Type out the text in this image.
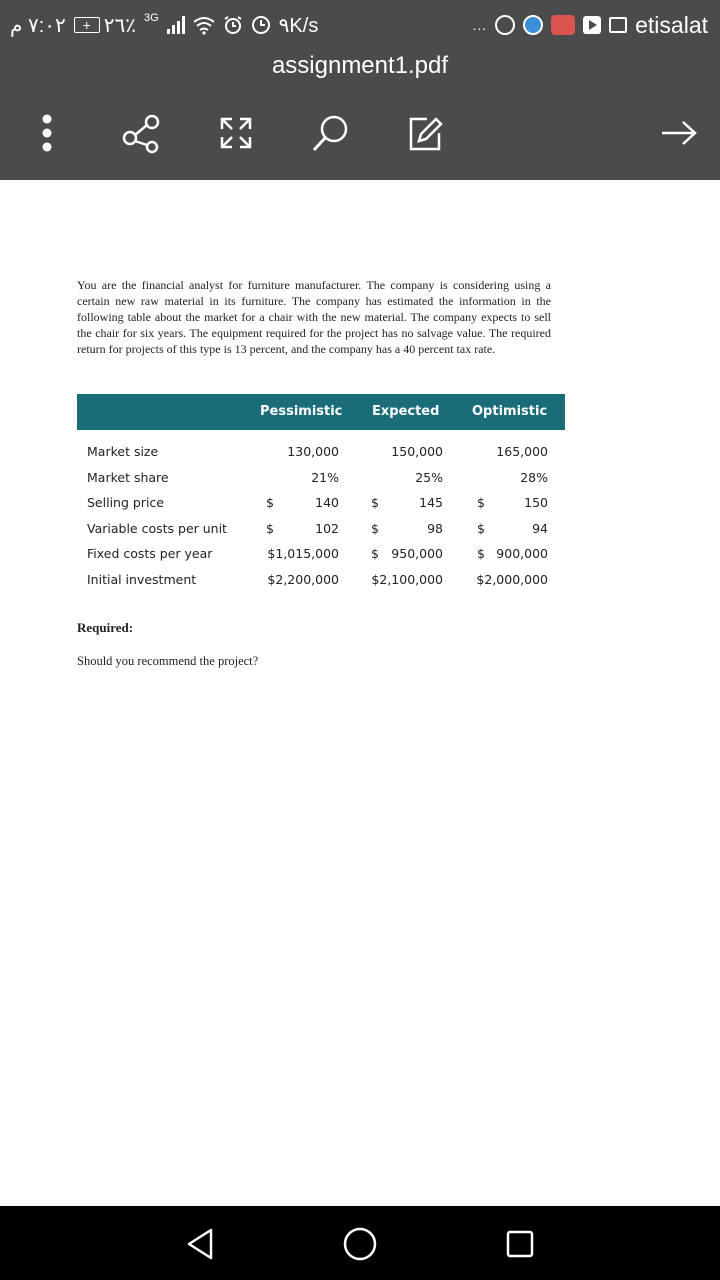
٧:٠٢ م	+ ٢٦٪ 3G	٩K/s	...	etisalat
assignment1.pdf

You are the financial analyst for furniture manufacturer. The company is considering using a certain new raw material in its furniture. The company has estimated the information in the following table about the market for a chair with the new material. The company expects to sell the chair for six years. The equipment required for the project has no salvage value. The required return for projects of this type is 13 percent, and the company has a 40 percent tax rate.

Pessimistic Expected	Optimistic
Market size	130,000	150,000	165,000
Market share	21%	25%	28%
Selling price	$	140	$	145	$	150
Variable costs per unit	$	102	$	98	$	94
Fixed costs per year	$1,015,000	$ 950,000	$ 900,000
Initial investment	$2,200,000	$2,100,000	$2,000,000
Required:
Should you recommend the project?
